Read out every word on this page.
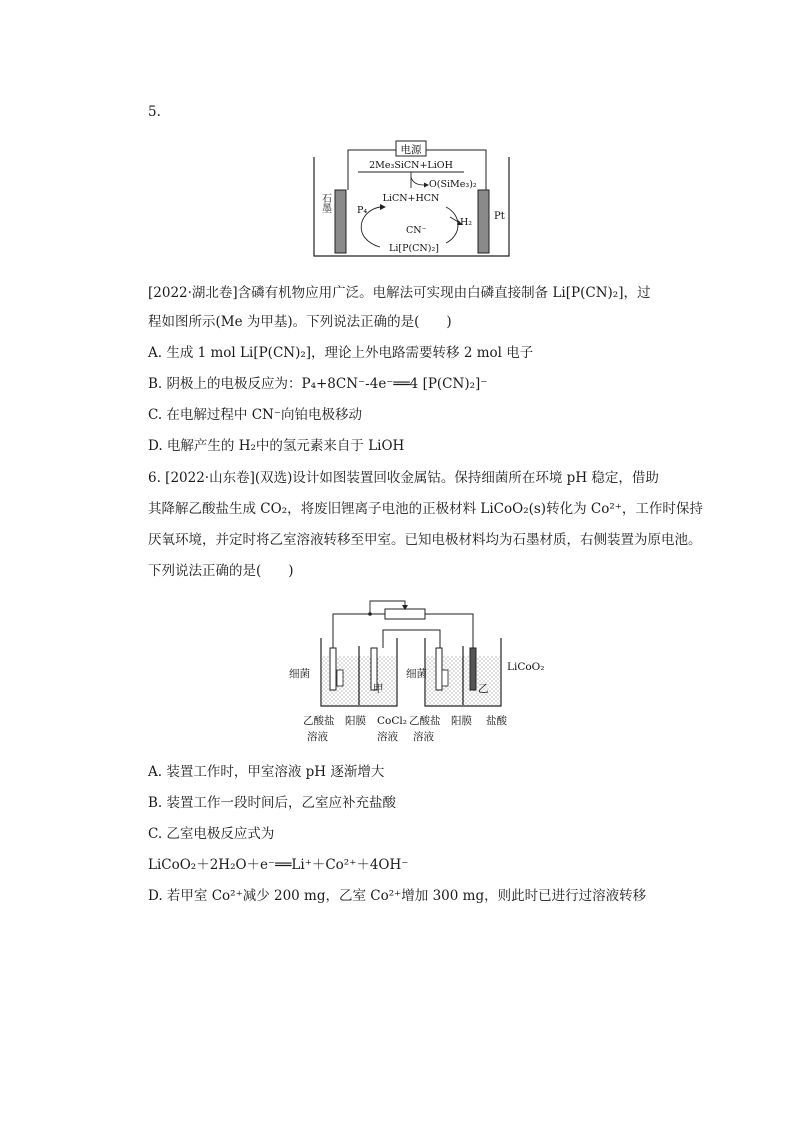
5.
电源
石墨
Pt
2Me₃SiCN+LiOH
O(SiMe₃)₂
LiCN+HCN
P₄
H₂
CN⁻
Li[P(CN)₂]
[2022·湖北卷]含磷有机物应用广泛。电解法可实现由白磷直接制备 Li[P(CN)₂]，过
程如图所示(Me 为甲基)。下列说法正确的是(　　)
A. 生成 1 mol Li[P(CN)₂]，理论上外电路需要转移 2 mol 电子
B. 阴极上的电极反应为：P₄+8CN⁻-4e⁻══4 [P(CN)₂]⁻
C. 在电解过程中 CN⁻向铂电极移动
D. 电解产生的 H₂中的氢元素来自于 LiOH
6. [2022·山东卷](双选)设计如图装置回收金属钴。保持细菌所在环境 pH 稳定，借助
其降解乙酸盐生成 CO₂，将废旧锂离子电池的正极材料 LiCoO₂(s)转化为 Co²⁺，工作时保持
厌氧环境，并定时将乙室溶液转移至甲室。已知电极材料均为石墨材质，右侧装置为原电池。
下列说法正确的是(　　)
细菌	细菌
LiCoO₂
甲	乙
乙酸盐
溶液
阳膜 CoCl₂
溶液
乙酸盐
溶液
阳膜 盐酸
A. 装置工作时，甲室溶液 pH 逐渐增大
B. 装置工作一段时间后，乙室应补充盐酸
C. 乙室电极反应式为
LiCoO₂＋2H₂O＋e⁻══Li⁺＋Co²⁺＋4OH⁻
D. 若甲室 Co²⁺减少 200 mg，乙室 Co²⁺增加 300 mg，则此时已进行过溶液转移
